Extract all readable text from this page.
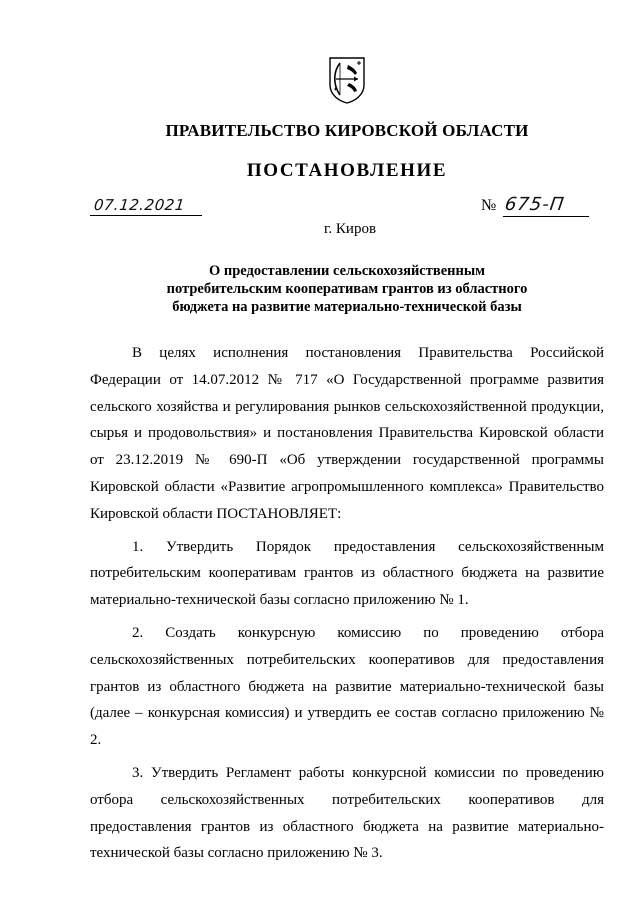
ПРАВИТЕЛЬСТВО КИРОВСКОЙ ОБЛАСТИ
ПОСТАНОВЛЕНИЕ
07.12.2021	№ 675-П
г. Киров
О предоставлении сельскохозяйственным
потребительским кооперативам грантов из областного
бюджета на развитие материально-технической базы

В целях исполнения постановления Правительства Российской Федерации от 14.07.2012 № 717 «О Государственной программе развития сельского хозяйства и регулирования рынков сельскохозяйственной продукции, сырья и продовольствия» и постановления Правительства Кировской области от 23.12.2019 № 690-П «Об утверждении государственной программы Кировской области «Развитие агропромышленного комплекса» Правительство Кировской области ПОСТАНОВЛЯЕТ:

1. Утвердить Порядок предоставления сельскохозяйственным потребительским кооперативам грантов из областного бюджета на развитие материально-технической базы согласно приложению № 1.

2. Создать конкурсную комиссию по проведению отбора сельскохозяйственных потребительских кооперативов для предоставления грантов из областного бюджета на развитие материально-технической базы (далее – конкурсная комиссия) и утвердить ее состав согласно приложению № 2.

3. Утвердить Регламент работы конкурсной комиссии по проведению отбора сельскохозяйственных потребительских кооперативов для предоставления грантов из областного бюджета на развитие материально-технической базы согласно приложению № 3.
